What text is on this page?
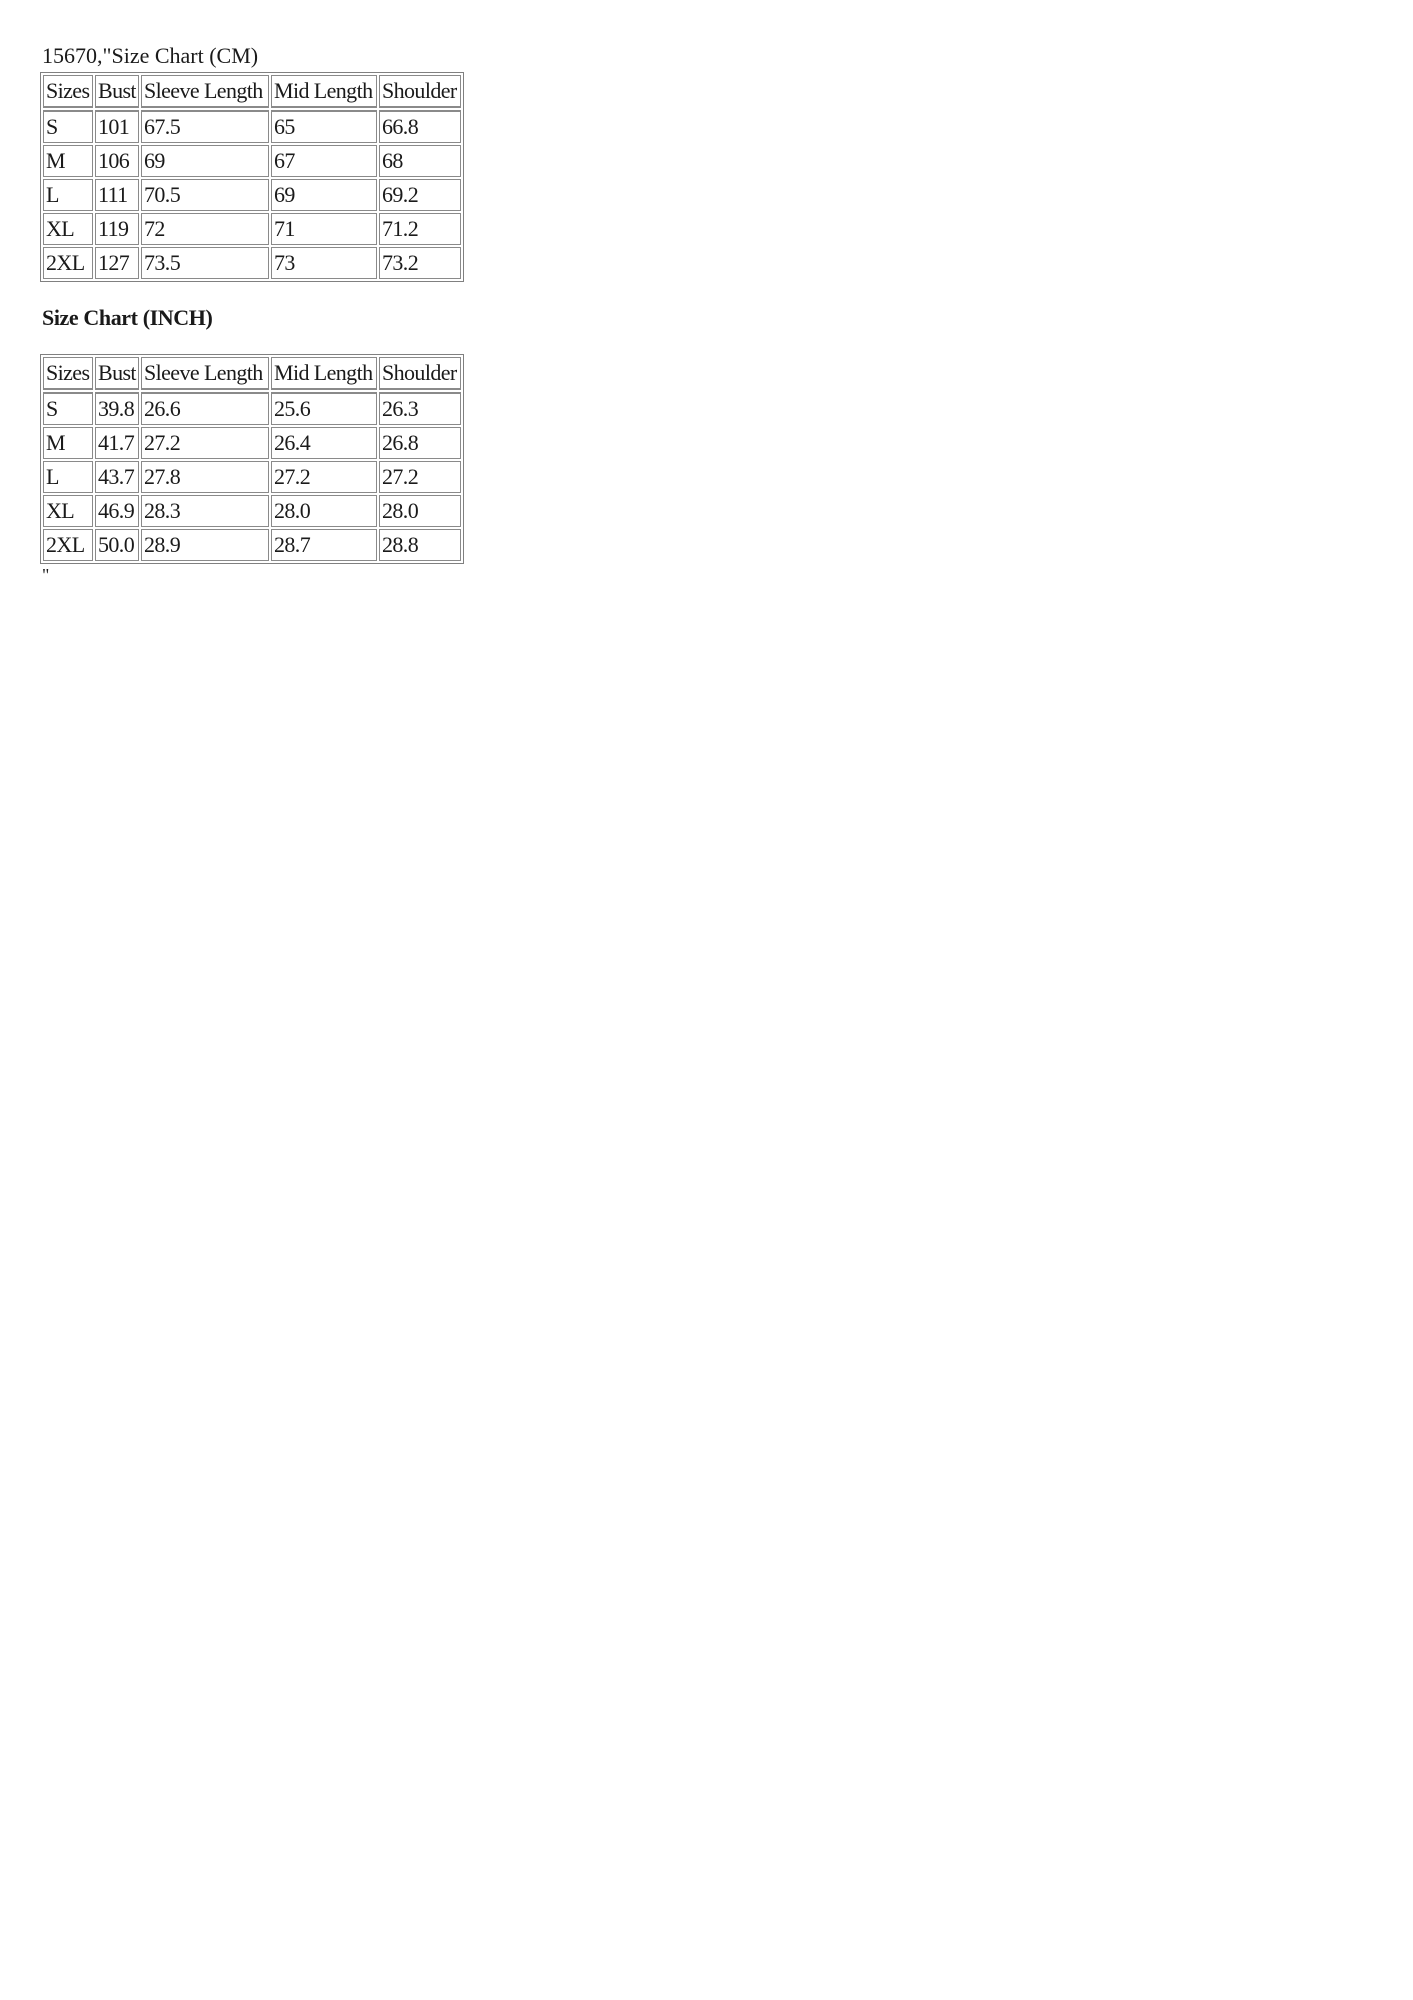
15670,"Size Chart (CM)
Sizes	Bust	Sleeve Length	Mid Length	Shoulder
S	101	67.5	65	66.8
M	106	69	67	68
L	111	70.5	69	69.2
XL	119	72	71	71.2
2XL	127	73.5	73	73.2
Size Chart (INCH)
Sizes	Bust	Sleeve Length	Mid Length	Shoulder
S	39.8	26.6	25.6	26.3
M	41.7	27.2	26.4	26.8
L	43.7	27.8	27.2	27.2
XL	46.9	28.3	28.0	28.0
2XL	50.0	28.9	28.7	28.8
"
